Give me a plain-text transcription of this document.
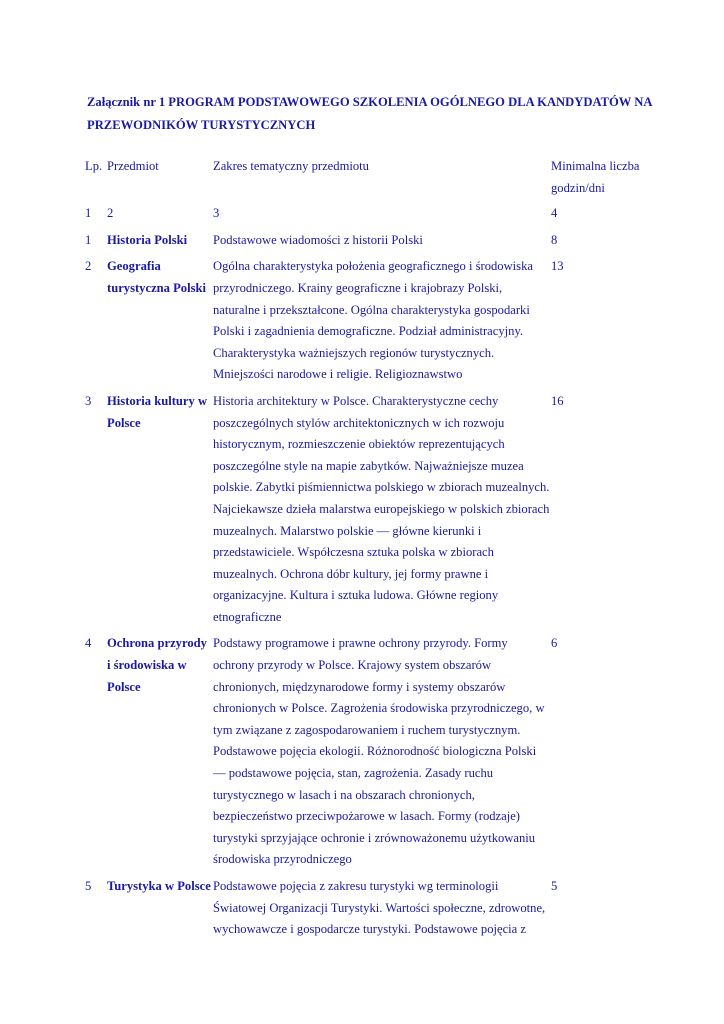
Załącznik nr 1 PROGRAM PODSTAWOWEGO SZKOLENIA OGÓLNEGO DLA KANDYDATÓW NA PRZEWODNIKÓW TURYSTYCZNYCH
Lp.	Przedmiot	Zakres tematyczny przedmiotu	Minimalna liczba godzin/dni
1	2	3	4
1	Historia Polski	Podstawowe wiadomości z historii Polski	8
2	Geografia turystyczna Polski	Ogólna charakterystyka położenia geograficznego i środowiska przyrodniczego. Krainy geograficzne i krajobrazy Polski, naturalne i przekształcone. Ogólna charakterystyka gospodarki Polski i zagadnienia demograficzne. Podział administracyjny. Charakterystyka ważniejszych regionów turystycznych. Mniejszości narodowe i religie. Religioznawstwo	13
3	Historia kultury w Polsce	Historia architektury w Polsce. Charakterystyczne cechy poszczególnych stylów architektonicznych w ich rozwoju historycznym, rozmieszczenie obiektów reprezentujących poszczególne style na mapie zabytków. Najważniejsze muzea polskie. Zabytki piśmiennictwa polskiego w zbiorach muzealnych. Najciekawsze dzieła malarstwa europejskiego w polskich zbiorach muzealnych. Malarstwo polskie — główne kierunki i przedstawiciele. Współczesna sztuka polska w zbiorach muzealnych. Ochrona dóbr kultury, jej formy prawne i organizacyjne. Kultura i sztuka ludowa. Główne regiony etnograficzne	16
4	Ochrona przyrody i środowiska w Polsce	Podstawy programowe i prawne ochrony przyrody. Formy ochrony przyrody w Polsce. Krajowy system obszarów chronionych, międzynarodowe formy i systemy obszarów chronionych w Polsce. Zagrożenia środowiska przyrodniczego, w tym związane z zagospodarowaniem i ruchem turystycznym. Podstawowe pojęcia ekologii. Różnorodność biologiczna Polski — podstawowe pojęcia, stan, zagrożenia. Zasady ruchu turystycznego w lasach i na obszarach chronionych, bezpieczeństwo przeciwpożarowe w lasach. Formy (rodzaje) turystyki sprzyjające ochronie i zrównoważonemu użytkowaniu środowiska przyrodniczego	6
5	Turystyka w Polsce	Podstawowe pojęcia z zakresu turystyki wg terminologii Światowej Organizacji Turystyki. Wartości społeczne, zdrowotne, wychowawcze i gospodarcze turystyki. Podstawowe pojęcia z	5
